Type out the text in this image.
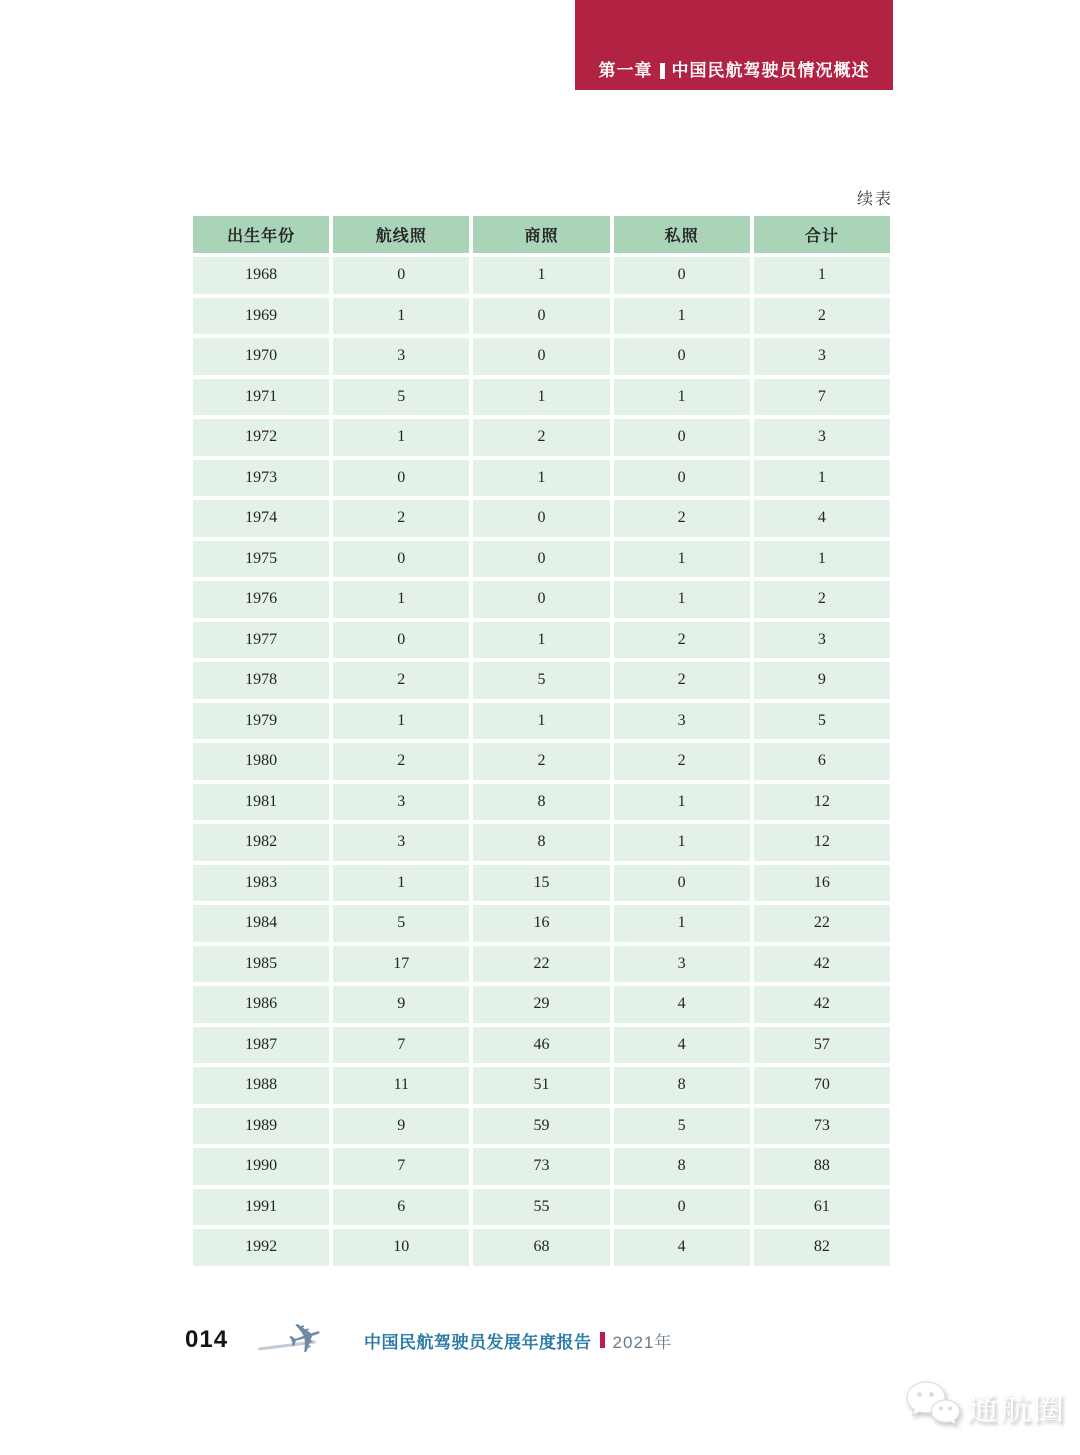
第一章 中国民航驾驶员情况概述
续表
出生年份	航线照	商照	私照	合计
1968	0	1	0	1
1969	1	0	1	2
1970	3	0	0	3
1971	5	1	1	7
1972	1	2	0	3
1973	0	1	0	1
1974	2	0	2	4
1975	0	0	1	1
1976	1	0	1	2
1977	0	1	2	3
1978	2	5	2	9
1979	1	1	3	5
1980	2	2	2	6
1981	3	8	1	12
1982	3	8	1	12
1983	1	15	0	16
1984	5	16	1	22
1985	17	22	3	42
1986	9	29	4	42
1987	7	46	4	57
1988	11	51	8	70
1989	9	59	5	73
1990	7	73	8	88
1991	6	55	0	61
1992	10	68	4	82
014 ✈ 中国民航驾驶员发展年度报告 2021年
通航圈
